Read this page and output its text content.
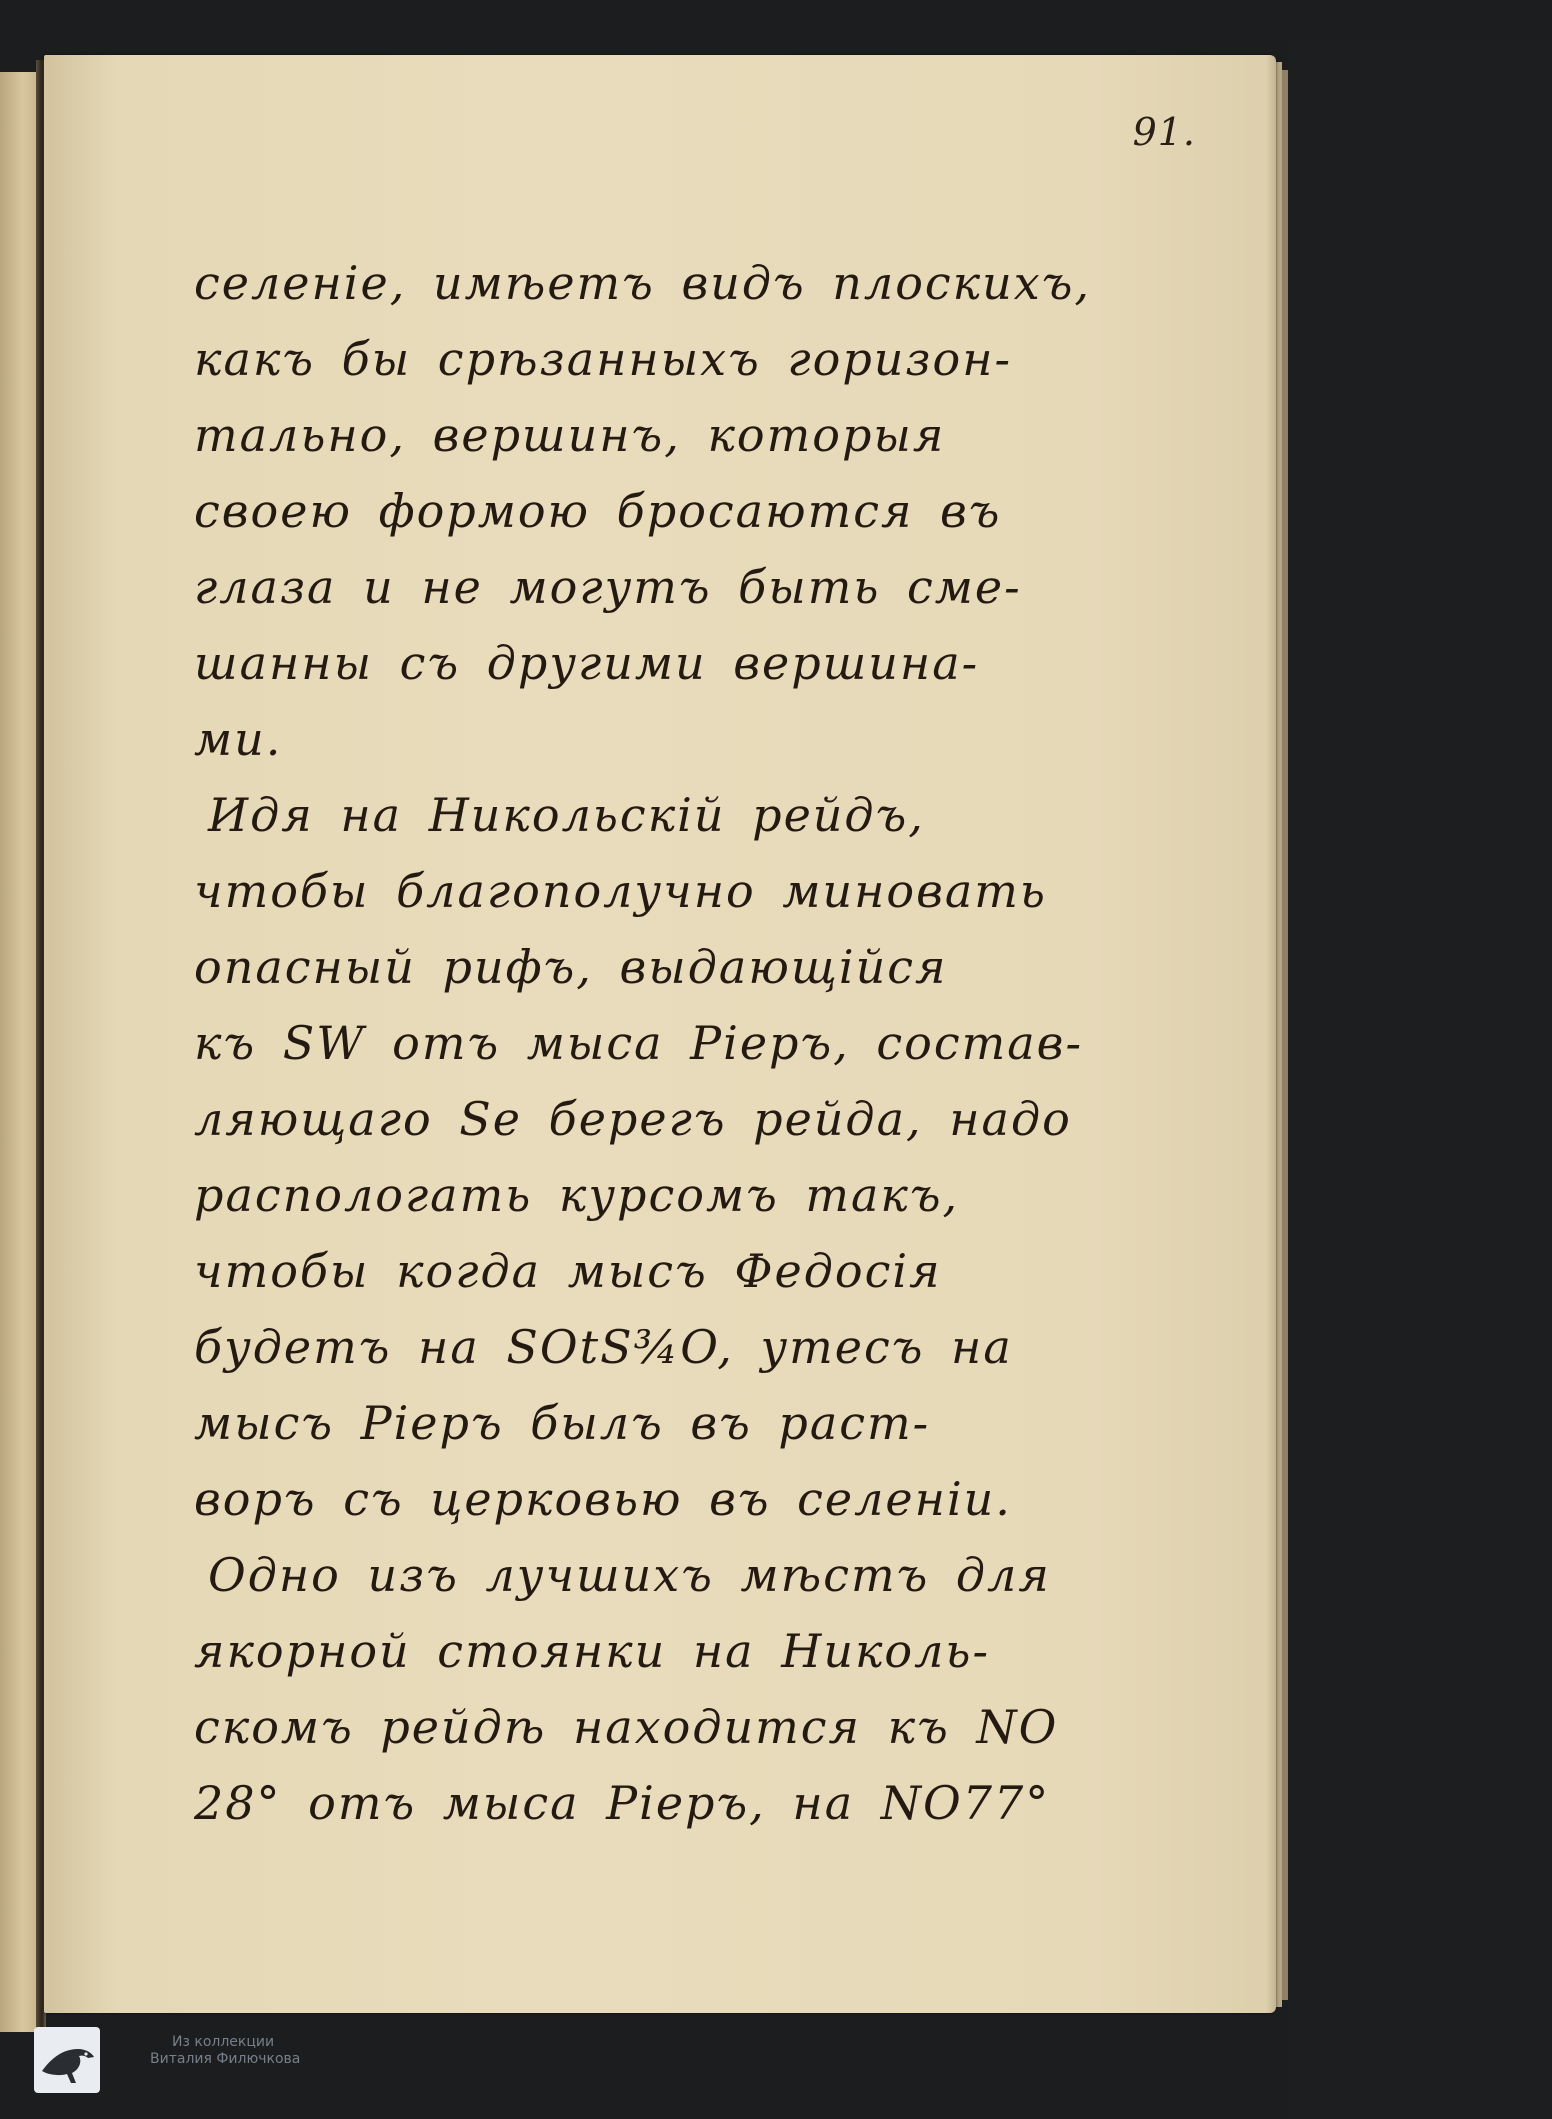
91.
селенiе, имѣетъ видъ плоскихъ,
какъ бы срѣзанныхъ горизон-
тально, вершинъ, которыя
своею формою бросаются въ
глаза и не могутъ быть сме-
шанны съ другими вершина-
ми.
Идя на Никольскiй рейдъ,
чтобы благополучно миновать
опасный рифъ, выдающiйся
къ SW отъ мыса Рiеръ, состав-
ляющаго Sе берегъ рейда, надо
распологать курсомъ такъ,
чтобы когда мысъ Федосiя
будетъ на SOtS¾O, утесъ на
мысъ Рiеръ былъ въ раст-
воръ съ церковью въ селенiи.
Одно изъ лучшихъ мѣстъ для
якорной стоянки на Николь-
скомъ рейдѣ находится къ NO
28° отъ мыса Рiеръ, на NO77°
Из коллекции
Виталия Филючкова
